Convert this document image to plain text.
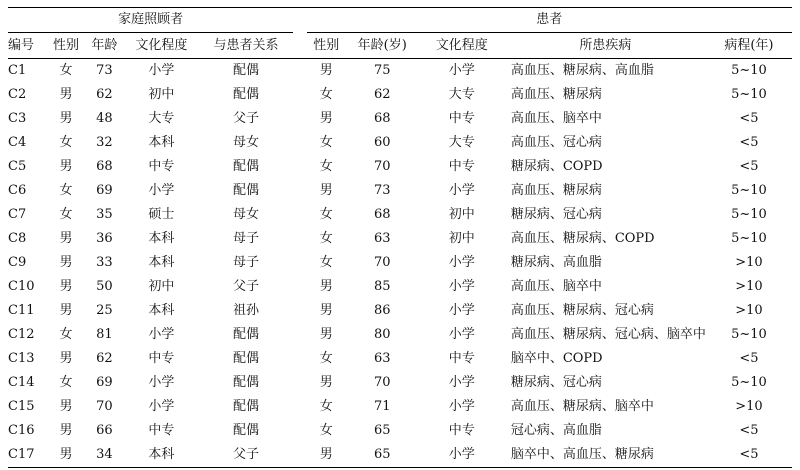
家庭照顾者						患者				
编号	性别	年龄	文化程度	与患者关系		性别	年龄(岁)	文化程度	所患疾病	病程(年)
C1	女	73	小学	配偶		男	75	小学	高血压、糖尿病、高血脂	5~10
C2	男	62	初中	配偶		女	62	大专	高血压、糖尿病	5~10
C3	男	48	大专	父子		男	68	中专	高血压、脑卒中	<5
C4	女	32	本科	母女		女	60	大专	高血压、冠心病	<5
C5	男	68	中专	配偶		女	70	中专	糖尿病、COPD	<5
C6	女	69	小学	配偶		男	73	小学	高血压、糖尿病	5~10
C7	女	35	硕士	母女		女	68	初中	糖尿病、冠心病	5~10
C8	男	36	本科	母子		女	63	初中	高血压、糖尿病、COPD	5~10
C9	男	33	本科	母子		女	70	小学	糖尿病、高血脂	>10
C10	男	50	初中	父子		男	85	小学	高血压、脑卒中	>10
C11	男	25	本科	祖孙		男	86	小学	高血压、糖尿病、冠心病	>10
C12	女	81	小学	配偶		男	80	小学	高血压、糖尿病、冠心病、脑卒中	5~10
C13	男	62	中专	配偶		女	63	中专	脑卒中、COPD	<5
C14	女	69	小学	配偶		男	70	小学	糖尿病、冠心病	5~10
C15	男	70	小学	配偶		女	71	小学	高血压、糖尿病、脑卒中	>10
C16	男	66	中专	配偶		女	65	中专	冠心病、高血脂	<5
C17	男	34	本科	父子		男	65	小学	脑卒中、高血压、糖尿病	<5
